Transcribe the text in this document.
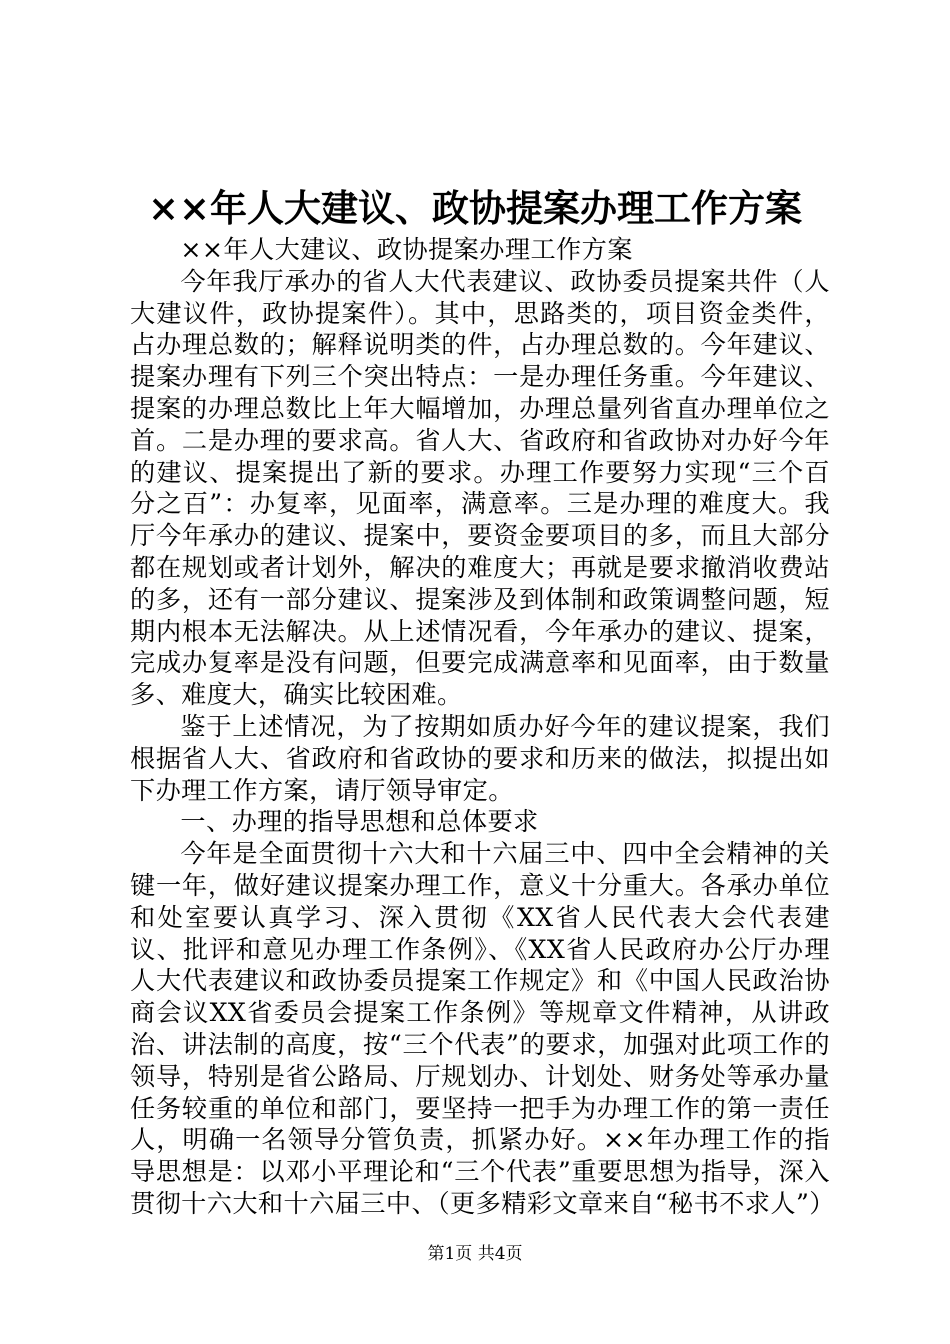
××年人大建议、政协提案办理工作方案

××年人大建议、政协提案办理工作方案

今年我厅承办的省人大代表建议、政协委员提案共件（人大建议件，政协提案件）。其中，思路类的，项目资金类件，占办理总数的；解释说明类的件，占办理总数的。今年建议、提案办理有下列三个突出特点：一是办理任务重。今年建议、提案的办理总数比上年大幅增加，办理总量列省直办理单位之首。二是办理的要求高。省人大、省政府和省政协对办好今年的建议、提案提出了新的要求。办理工作要努力实现“三个百分之百”：办复率，见面率，满意率。三是办理的难度大。我厅今年承办的建议、提案中，要资金要项目的多，而且大部分都在规划或者计划外，解决的难度大；再就是要求撤消收费站的多，还有一部分建议、提案涉及到体制和政策调整问题，短期内根本无法解决。从上述情况看，今年承办的建议、提案，完成办复率是没有问题，但要完成满意率和见面率，由于数量多、难度大，确实比较困难。

鉴于上述情况，为了按期如质办好今年的建议提案，我们根据省人大、省政府和省政协的要求和历来的做法，拟提出如下办理工作方案，请厅领导审定。

一、办理的指导思想和总体要求

今年是全面贯彻十六大和十六届三中、四中全会精神的关键一年，做好建议提案办理工作，意义十分重大。各承办单位和处室要认真学习、深入贯彻《XX省人民代表大会代表建议、批评和意见办理工作条例》、《XX省人民政府办公厅办理人大代表建议和政协委员提案工作规定》和《中国人民政治协商会议XX省委员会提案工作条例》等规章文件精神，从讲政治、讲法制的高度，按“三个代表”的要求，加强对此项工作的领导，特别是省公路局、厅规划办、计划处、财务处等承办量任务较重的单位和部门，要坚持一把手为办理工作的第一责任人，明确一名领导分管负责，抓紧办好。××年办理工作的指导思想是：以邓小平理论和“三个代表”重要思想为指导，深入贯彻十六大和十六届三中、（更多精彩文章来自“秘书不求人”）

第1页 共4页
